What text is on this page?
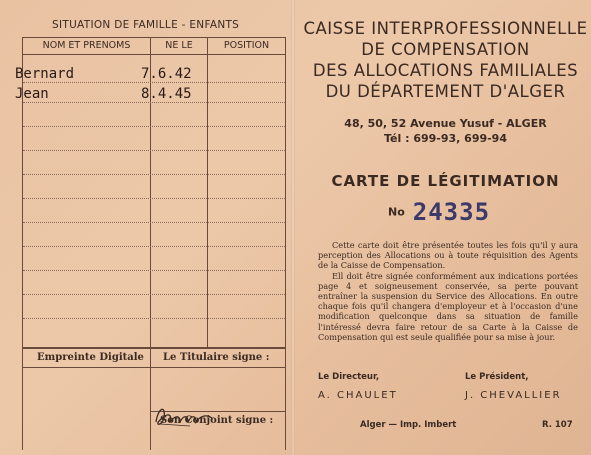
SITUATION DE FAMILLE - ENFANTS
NOM ET PRENOMS	NE LE	POSITION
Bernard	7.6.42
Jean	8.4.45
Empreinte Digitale Le Titulaire signe :
Son Conjoint signe :
CAISSE INTERPROFESSIONNELLE
DE COMPENSATION
DES ALLOCATIONS FAMILIALES
DU DÉPARTEMENT D'ALGER
48, 50, 52 Avenue Yusuf - ALGER
Tél : 699-93, 699-94
CARTE DE LÉGITIMATION
No 24335

Cette carte doit être présentée toutes les fois qu'il y aura perception des Allocations ou à toute réquisition des Agents de la Caisse de Compensation.

Ell doit être signée conformément aux indications portées page 4 et soigneusement conservée, sa perte pouvant entraîner la suspension du Service des Allocations. En outre chaque fois qu'il changera d'employeur et à l'occasion d'une modification quelconque dans sa situation de famille l'intéressé devra faire retour de sa Carte à la Caisse de Compensation qui est seule qualifiée pour sa mise à jour.

Le Directeur,
A. CHAULET
Le Président,
J. CHEVALLIER
Alger — Imp. Imbert	R. 107
